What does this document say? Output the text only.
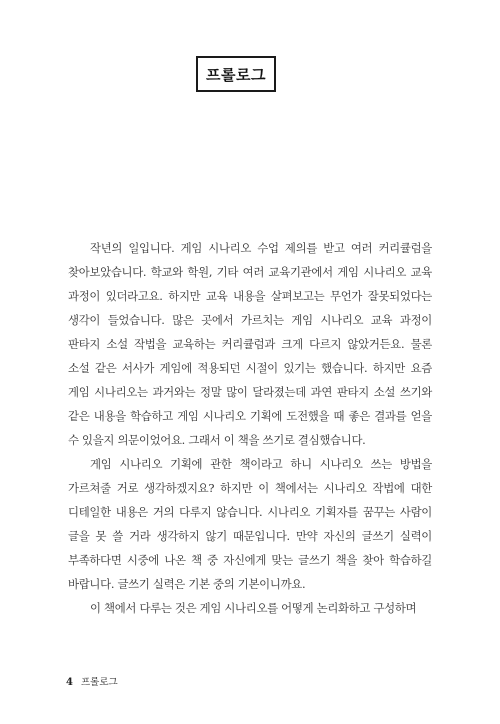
프롤로그

작년의 일입니다. 게임 시나리오 수업 제의를 받고 여러 커리큘럼을 찾아보았습니다. 학교와 학원, 기타 여러 교육기관에서 게임 시나리오 교육 과정이 있더라고요. 하지만 교육 내용을 살펴보고는 무언가 잘못되었다는 생각이 들었습니다. 많은 곳에서 가르치는 게임 시나리오 교육 과정이 판타지 소설 작법을 교육하는 커리큘럼과 크게 다르지 않았거든요. 물론 소설 같은 서사가 게임에 적용되던 시절이 있기는 했습니다. 하지만 요즘 게임 시나리오는 과거와는 정말 많이 달라졌는데 과연 판타지 소설 쓰기와 같은 내용을 학습하고 게임 시나리오 기획에 도전했을 때 좋은 결과를 얻을 수 있을지 의문이었어요. 그래서 이 책을 쓰기로 결심했습니다.

게임 시나리오 기획에 관한 책이라고 하니 시나리오 쓰는 방법을 가르쳐줄 거로 생각하겠지요? 하지만 이 책에서는 시나리오 작법에 대한 디테일한 내용은 거의 다루지 않습니다. 시나리오 기획자를 꿈꾸는 사람이 글을 못 쓸 거라 생각하지 않기 때문입니다. 만약 자신의 글쓰기 실력이 부족하다면 시중에 나온 책 중 자신에게 맞는 글쓰기 책을 찾아 학습하길 바랍니다. 글쓰기 실력은 기본 중의 기본이니까요.

이 책에서 다루는 것은 게임 시나리오를 어떻게 논리화하고 구성하며

4 프롤로그
